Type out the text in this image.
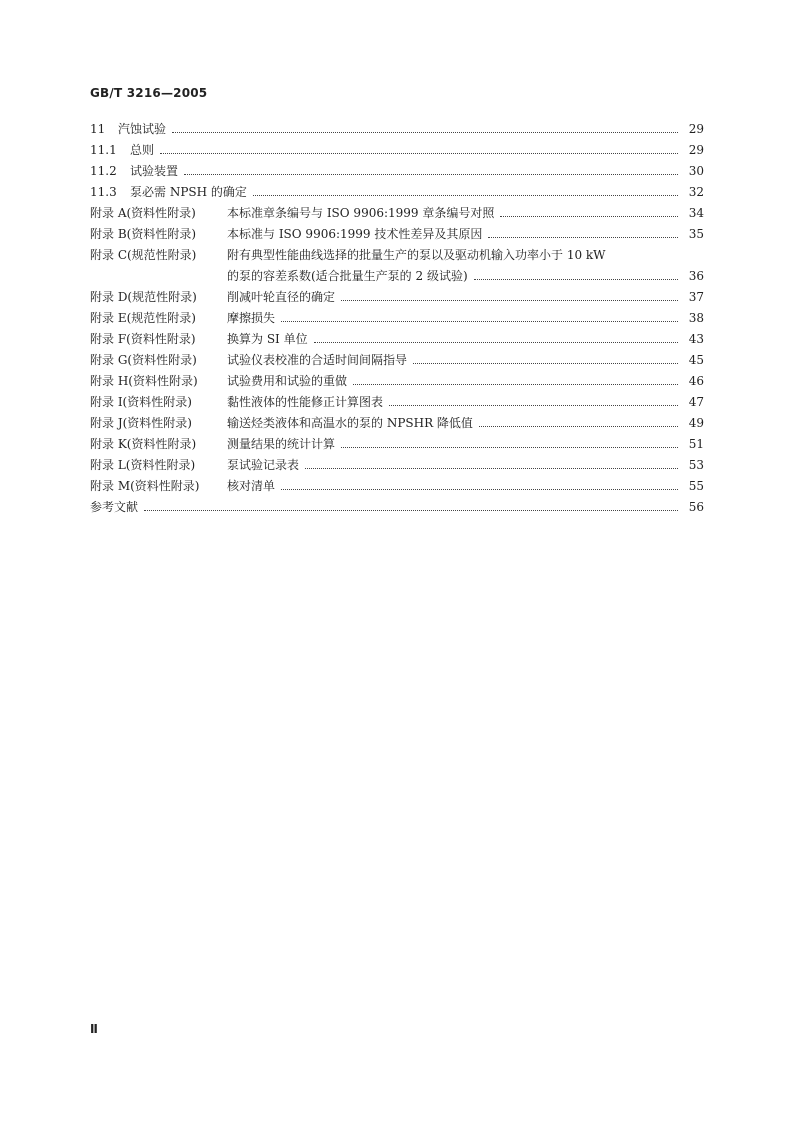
GB/T 3216—2005
11	汽蚀试验	29
11.1	总则	29
11.2	试验装置	30
11.3	泵必需 NPSH 的确定	32
附录 A(资料性附录)	本标准章条编号与 ISO 9906:1999 章条编号对照	34
附录 B(资料性附录)	本标准与 ISO 9906:1999 技术性差异及其原因	35
附录 C(规范性附录)	附有典型性能曲线选择的批量生产的泵以及驱动机输入功率小于 10 kW
的泵的容差系数(适合批量生产泵的 2 级试验)	36
附录 D(规范性附录)	削减叶轮直径的确定	37
附录 E(规范性附录)	摩擦损失	38
附录 F(资料性附录)	换算为 SI 单位	43
附录 G(资料性附录)	试验仪表校准的合适时间间隔指导	45
附录 H(资料性附录)	试验费用和试验的重做	46
附录 I(资料性附录)	黏性液体的性能修正计算图表	47
附录 J(资料性附录)	输送烃类液体和高温水的泵的 NPSHR 降低值	49
附录 K(资料性附录)	测量结果的统计计算	51
附录 L(资料性附录)	泵试验记录表	53
附录 M(资料性附录)	核对清单	55
参考文献	56
Ⅱ
